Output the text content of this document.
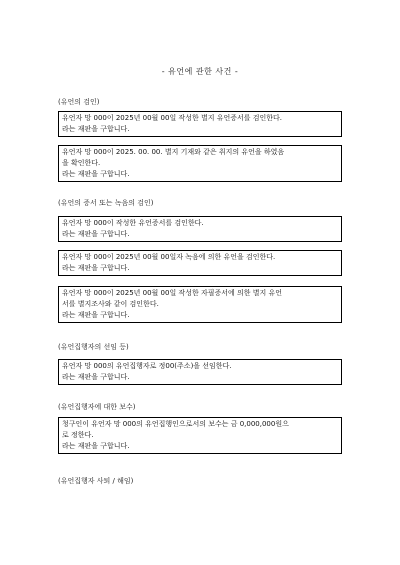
- 유언에 관한 사건 -
(유언의 검인)

유언자 망 000이 2025년 00월 00일 작성한 별지 유언증서를 검인한다.

라는 재판을 구합니다.

유언자 망 000이 2025. 00. 00. 별지 기재와 같은 취지의 유언을 하였음

을 확인한다.

라는 재판을 구합니다.

(유언의 증서 또는 녹음의 검인)

유언자 망 000이 작성한 유언증서를 검인한다.

라는 재판을 구합니다.

유언자 망 000이 2025년 00월 00일자 녹음에 의한 유언을 검인한다.

라는 재판을 구합니다.

유언자 망 000이 2025년 00월 00일 작성한 자필증서에 의한 별지 유언

서를 별지조사와 같이 검인한다.

라는 재판을 구합니다.

(유언집행자의 선임 등)

유언자 망 000의 유언집행자로 정00(주소)을 선임한다.

라는 재판을 구합니다.

(유언집행자에 대한 보수)

청구인이 유언자 망 000의 유언집행인으로서의 보수는 금 0,000,000원으

로 정한다.

라는 재판을 구합니다.

(유언집행자 사퇴 / 해임)
